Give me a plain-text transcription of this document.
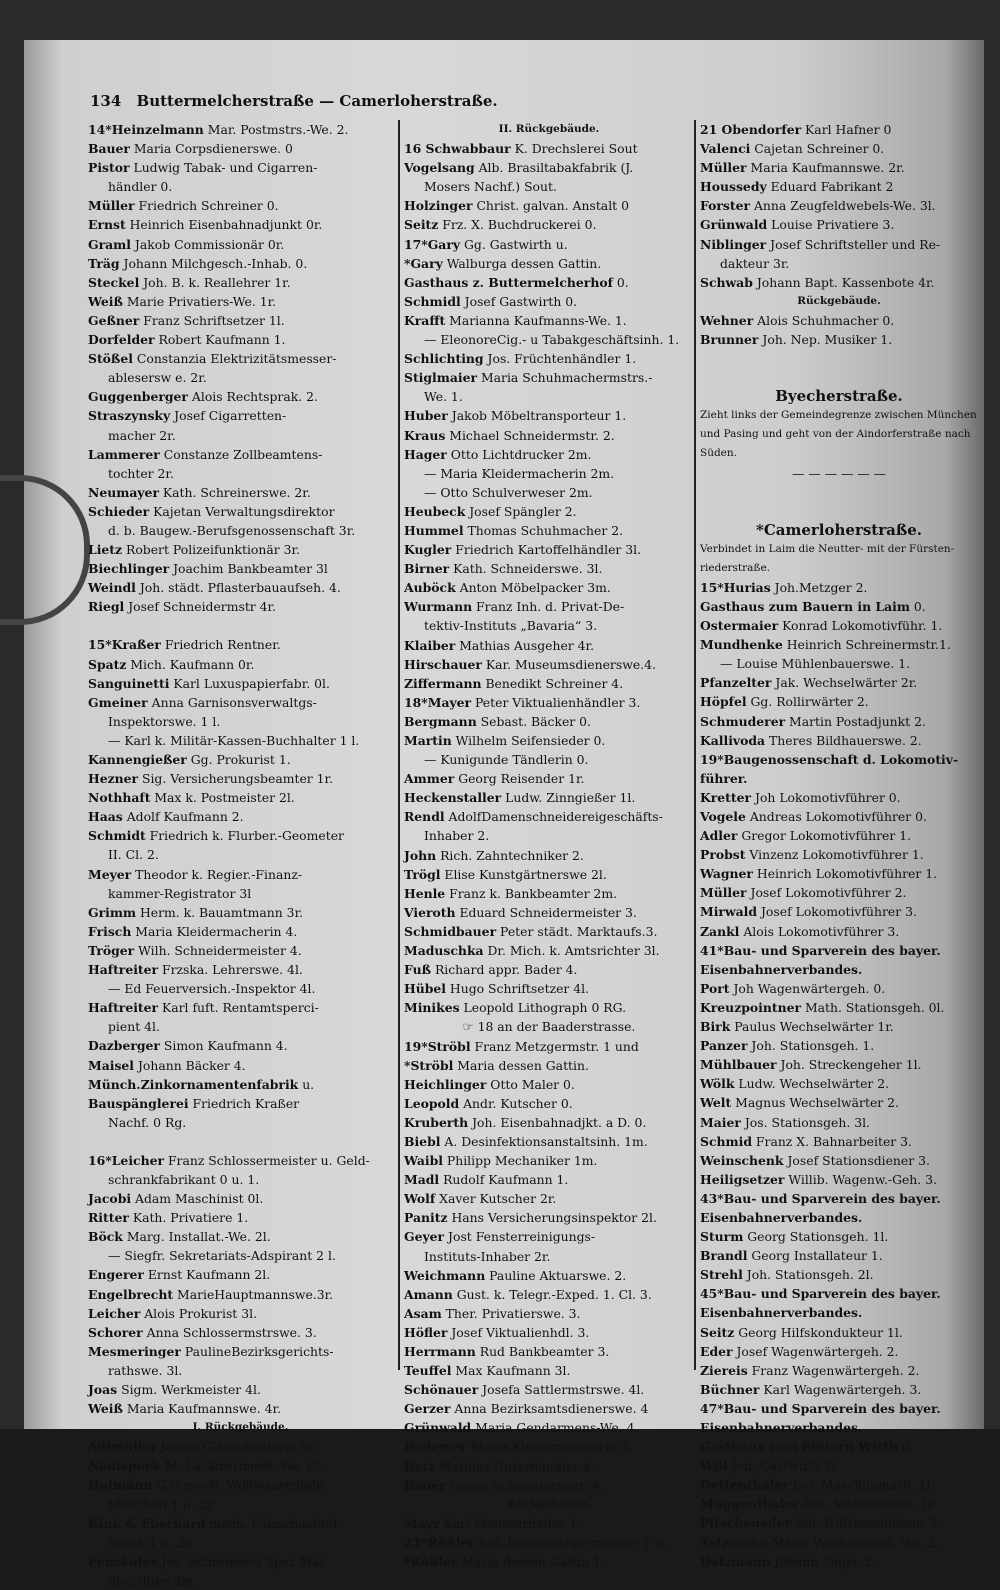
134 Buttermelcherstraße — Camerloherstraße.
14*Heinzelmann Mar. Postmstrs.-We. 2.
Bauer Maria Corpsdienerswe. 0
Pistor Ludwig Tabak- und Cigarren-
händler 0.
Müller Friedrich Schreiner 0.
Ernst Heinrich Eisenbahnadjunkt 0r.
Graml Jakob Commissionär 0r.
Träg Johann Milchgesch.-Inhab. 0.
Steckel Joh. B. k. Reallehrer 1r.
Weiß Marie Privatiers-We. 1r.
Geßner Franz Schriftsetzer 1l.
Dorfelder Robert Kaufmann 1.
Stößel Constanzia Elektrizitätsmesser-
ablesersw e. 2r.
Guggenberger Alois Rechtsprak. 2.
Straszynsky Josef Cigarretten-
macher 2r.
Lammerer Constanze Zollbeamtens-
tochter 2r.
Neumayer Kath. Schreinerswe. 2r.
Schieder Kajetan Verwaltungsdirektor
d. b. Baugew.-Berufsgenossenschaft 3r.
Lietz Robert Polizeifunktionär 3r.
Biechlinger Joachim Bankbeamter 3l
Weindl Joh. städt. Pflasterbauaufseh. 4.
Riegl Josef Schneidermstr 4r.
15*Kraßer Friedrich Rentner.
Spatz Mich. Kaufmann 0r.
Sanguinetti Karl Luxuspapierfabr. 0l.
Gmeiner Anna Garnisonsverwaltgs-
Inspektorswe. 1 l.
— Karl k. Militär-Kassen-Buchhalter 1 l.
Kannengießer Gg. Prokurist 1.
Hezner Sig. Versicherungsbeamter 1r.
Nothhaft Max k. Postmeister 2l.
Haas Adolf Kaufmann 2.
Schmidt Friedrich k. Flurber.-Geometer
II. Cl. 2.
Meyer Theodor k. Regier.-Finanz-
kammer-Registrator 3l
Grimm Herm. k. Bauamtmann 3r.
Frisch Maria Kleidermacherin 4.
Tröger Wilh. Schneidermeister 4.
Haftreiter Frzska. Lehrerswe. 4l.
— Ed Feuerversich.-Inspektor 4l.
Haftreiter Karl fuft. Rentamtsperci-
pient 4l.
Dazberger Simon Kaufmann 4.
Maisel Johann Bäcker 4.
Münch.Zinkornamentenfabrik u.
Bauspänglerei Friedrich Kraßer
Nachf. 0 Rg.
16*Leicher Franz Schlossermeister u. Geld-
schrankfabrikant 0 u. 1.
Jacobi Adam Maschinist 0l.
Ritter Kath. Privatiere 1.
Böck Marg. Installat.-We. 2l.
— Siegfr. Sekretariats-Adspirant 2 l.
Engerer Ernst Kaufmann 2l.
Engelbrecht MarieHauptmannswe.3r.
Leicher Alois Prokurist 3l.
Schorer Anna Schlossermstrswe. 3.
Mesmeringer PaulineBezirksgerichts-
rathswe. 3l.
Joas Sigm. Werkmeister 4l.
Weiß Maria Kaufmannswe. 4r.
I. Rückgebäude.
Adlmüller Josefa Glasschleiferei 0r.
Nadlspöck M. Lackirermeist -We. 0l.
Hofmann G.F. mech. Wollwaarenfabr
München 1 u. 2r.
Kink & Eberhard mech. Falzschachtel-
fabrik 1 u. 2r.
Penzkofer Jos. Schreinerei Spez.Mal-
utensilien 2m.
II. Rückgebäude.
16 Schwabbaur K. Drechslerei Sout
Vogelsang Alb. Brasiltabakfabrik (J.
Mosers Nachf.) Sout.
Holzinger Christ. galvan. Anstalt 0
Seitz Frz. X. Buchdruckerei 0.
17*Gary Gg. Gastwirth u.
*Gary Walburga dessen Gattin.
Gasthaus z. Buttermelcherhof 0.
Schmidl Josef Gastwirth 0.
Krafft Marianna Kaufmanns-We. 1.
— EleonoreCig.- u Tabakgeschäftsinh. 1.
Schlichting Jos. Früchtenhändler 1.
Stiglmaier Maria Schuhmachermstrs.-
We. 1.
Huber Jakob Möbeltransporteur 1.
Kraus Michael Schneidermstr. 2.
Hager Otto Lichtdrucker 2m.
— Maria Kleidermacherin 2m.
— Otto Schulverweser 2m.
Heubeck Josef Spängler 2.
Hummel Thomas Schuhmacher 2.
Kugler Friedrich Kartoffelhändler 3l.
Birner Kath. Schneiderswe. 3l.
Auböck Anton Möbelpacker 3m.
Wurmann Franz Inh. d. Privat-De-
tektiv-Instituts „Bavaria“ 3.
Klaiber Mathias Ausgeher 4r.
Hirschauer Kar. Museumsdienerswe.4.
Ziffermann Benedikt Schreiner 4.
18*Mayer Peter Viktualienhändler 3.
Bergmann Sebast. Bäcker 0.
Martin Wilhelm Seifensieder 0.
— Kunigunde Tändlerin 0.
Ammer Georg Reisender 1r.
Heckenstaller Ludw. Zinngießer 1l.
Rendl AdolfDamenschneidereigeschäfts-
Inhaber 2.
John Rich. Zahntechniker 2.
Trögl Elise Kunstgärtnerswe 2l.
Henle Franz k. Bankbeamter 2m.
Vieroth Eduard Schneidermeister 3.
Schmidbauer Peter städt. Marktaufs.3.
Maduschka Dr. Mich. k. Amtsrichter 3l.
Fuß Richard appr. Bader 4.
Hübel Hugo Schriftsetzer 4l.
Minikes Leopold Lithograph 0 RG.
☞ 18 an der Baaderstrasse.
19*Ströbl Franz Metzgermstr. 1 und
*Ströbl Maria dessen Gattin.
Heichlinger Otto Maler 0.
Leopold Andr. Kutscher 0.
Kruberth Joh. Eisenbahnadjkt. a D. 0.
Biebl A. Desinfektionsanstaltsinh. 1m.
Waibl Philipp Mechaniker 1m.
Madl Rudolf Kaufmann 1.
Wolf Xaver Kutscher 2r.
Panitz Hans Versicherungsinspektor 2l.
Geyer Jost Fensterreinigungs-
Instituts-Inhaber 2r.
Weichmann Pauline Aktuarswe. 2.
Amann Gust. k. Telegr.-Exped. 1. Cl. 3.
Asam Ther. Privatierswe. 3.
Höfler Josef Viktualienhdl. 3.
Herrmann Rud Bankbeamter 3.
Teuffel Max Kaufmann 3l.
Schönauer Josefa Sattlermstrswe. 4l.
Gerzer Anna Bezirksamtsdienerswe. 4
Grünwald Maria Gendarmens-We. 4.
Bodemer Maria Kleidermacherin 4.
Betz Mathias Unterhändler 4.
Bauer Georg Schneidermstr. 4.
Rückgebäude.
Mayr Karl Monteurhelfer 1.
21*Rößler Joh. Bankmetzgermeister 1 u.
*Rößler Maria dessen Gattin 1.
21 Obendorfer Karl Hafner 0
Valenci Cajetan Schreiner 0.
Müller Maria Kaufmannswe. 2r.
Houssedy Eduard Fabrikant 2
Forster Anna Zeugfeldwebels-We. 3l.
Grünwald Louise Privatiere 3.
Niblinger Josef Schriftsteller und Re-
dakteur 3r.
Schwab Johann Bapt. Kassenbote 4r.
Rückgebäude.
Wehner Alois Schuhmacher 0.
Brunner Joh. Nep. Musiker 1.
Byecherstraße.
Zieht links der Gemeindegrenze zwischen München
und Pasing und geht von der Aindorferstraße nach
Süden.
— — — — — —
*Camerloherstraße.
Verbindet in Laim die Neutter- mit der Fürsten-
riederstraße.
15*Hurias Joh.Metzger 2.
Gasthaus zum Bauern in Laim 0.
Ostermaier Konrad Lokomotivführ. 1.
Mundhenke Heinrich Schreinermstr.1.
— Louise Mühlenbauerswe. 1.
Pfanzelter Jak. Wechselwärter 2r.
Höpfel Gg. Rollirwärter 2.
Schmuderer Martin Postadjunkt 2.
Kallivoda Theres Bildhauerswe. 2.
19*Baugenossenschaft d. Lokomotiv-
führer.
Kretter Joh Lokomotivführer 0.
Vogele Andreas Lokomotivführer 0.
Adler Gregor Lokomotivführer 1.
Probst Vinzenz Lokomotivführer 1.
Wagner Heinrich Lokomotivführer 1.
Müller Josef Lokomotivführer 2.
Mirwald Josef Lokomotivführer 3.
Zankl Alois Lokomotivführer 3.
41*Bau- und Sparverein des bayer.
Eisenbahnerverbandes.
Port Joh Wagenwärtergeh. 0.
Kreuzpointner Math. Stationsgeh. 0l.
Birk Paulus Wechselwärter 1r.
Panzer Joh. Stationsgeh. 1.
Mühlbauer Joh. Streckengeher 1l.
Wölk Ludw. Wechselwärter 2.
Welt Magnus Wechselwärter 2.
Maier Jos. Stationsgeh. 3l.
Schmid Franz X. Bahnarbeiter 3.
Weinschenk Josef Stationsdiener 3.
Heiligsetzer Willib. Wagenw.-Geh. 3.
43*Bau- und Sparverein des bayer.
Eisenbahnerverbandes.
Sturm Georg Stationsgeh. 1l.
Brandl Georg Installateur 1.
Strehl Joh. Stationsgeh. 2l.
45*Bau- und Sparverein des bayer.
Eisenbahnerverbandes.
Seitz Georg Hilfskondukteur 1l.
Eder Josef Wagenwärtergeh. 2.
Ziereis Franz Wagenwärtergeh. 2.
Büchner Karl Wagenwärtergeh. 3.
47*Bau- und Sparverein des bayer.
Eisenbahnerverbandes.
Gasthaus zum hintern Wirth 0
Will Joh. Gastwirth 0.
Dettenthaler Lor. Maschinenarb. 1l.
Muggenthaler Ant. Stationsdien. 1r.
Pitscheneder Alb. Hilfskondukteur 2.
Tatzmann Maria Wechselwärt.-We. 2.
Datzmann Johann Säger 2.
